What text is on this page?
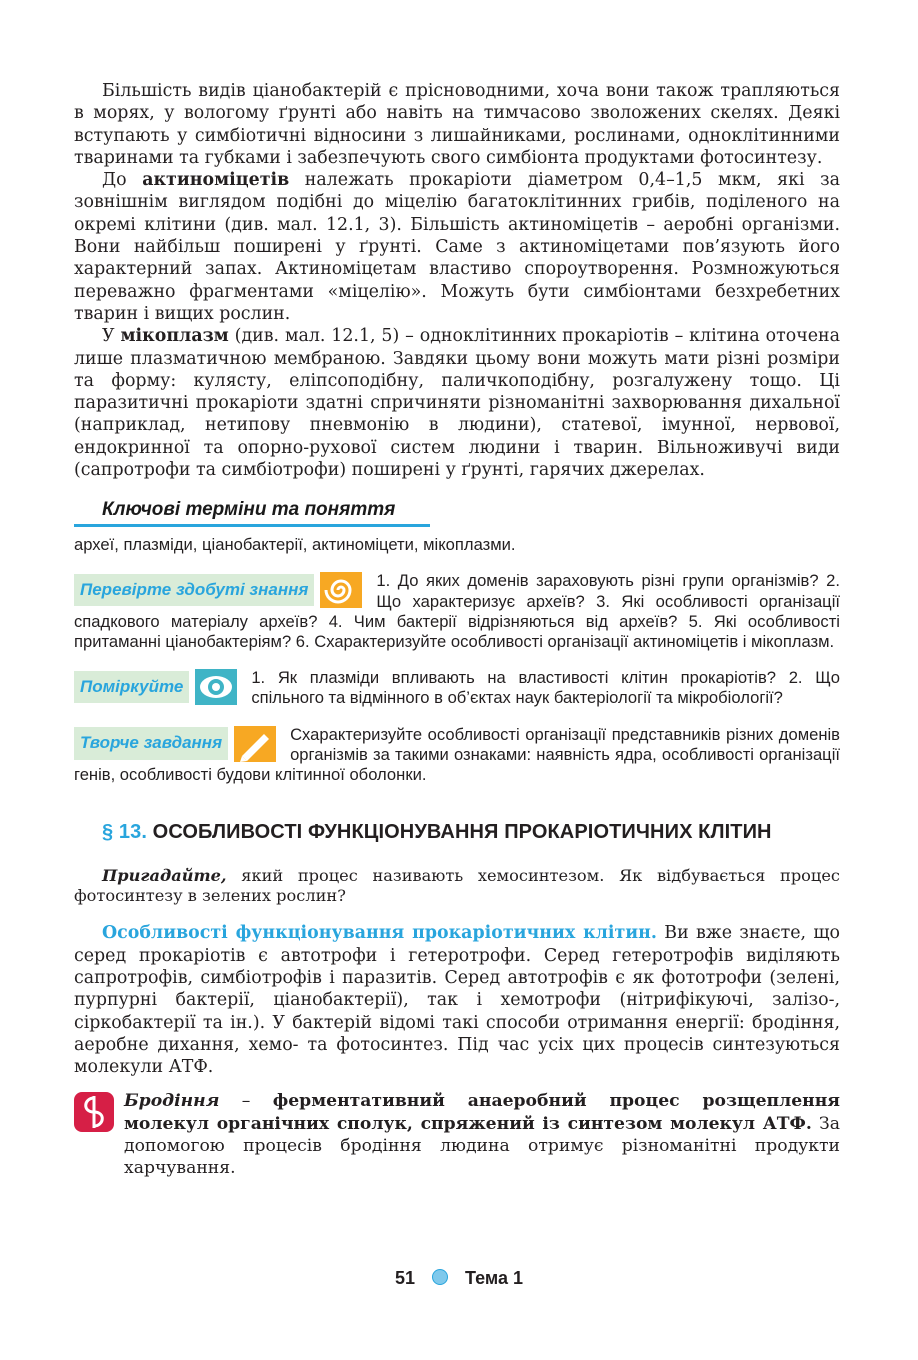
Більшість видів ціанобактерій є прісноводними, хоча вони також трапляються в морях, у вологому ґрунті або навіть на тимчасово зволожених скелях. Деякі вступають у симбіотичні відносини з лишайниками, рослинами, одноклітинними тваринами та губками і забезпечують свого симбіонта продуктами фотосинтезу.

До актиноміцетів належать прокаріоти діаметром 0,4–1,5 мкм, які за зовнішнім виглядом подібні до міцелію багатоклітинних грибів, поділеного на окремі клітини (див. мал. 12.1, 3). Більшість актиноміцетів – аеробні організми. Вони найбільш поширені у ґрунті. Саме з актиноміцетами пов’язують його характерний запах. Актиноміцетам властиво спороутворення. Розмножуються переважно фрагментами «міцелію». Можуть бути симбіонтами безхребетних тварин і вищих рослин.

У мікоплазм (див. мал. 12.1, 5) – одноклітинних прокаріотів – клітина оточена лише плазматичною мембраною. Завдяки цьому вони можуть мати різні розміри та форму: кулясту, еліпсоподібну, паличкоподібну, розгалужену тощо. Ці паразитичні прокаріоти здатні спричиняти різноманітні захворювання дихальної (наприклад, нетипову пневмонію в людини), статевої, імунної, нервової, ендокринної та опорно-рухової систем людини і тварин. Вільноживучі види (сапротрофи та симбіотрофи) поширені у ґрунті, гарячих джерелах.

Ключові терміни та поняття
археї, плазміди, ціанобактерії, актиноміцети, мікоплазми.
Перевірте здобуті знання	1. До яких доменів зараховують різні групи організмів? 2. Що характеризує археїв? 3. Які особливості організації спадкового матеріалу археїв? 4. Чим бактерії відрізняються від археїв? 5. Які особливості притаманні ціанобактеріям? 6. Схарактеризуйте особливості організації актиноміцетів і мікоплазм.
Поміркуйте	1. Як плазміди впливають на властивості клітин прокаріотів? 2. Що спільного та відмінного в об’єктах наук бактеріології та мікробіології?
Творче завдання	Схарактеризуйте особливості організації представників різних доменів організмів за такими ознаками: наявність ядра, особливості організації генів, особливості будови клітинної оболонки.
§ 13. ОСОБЛИВОСТІ ФУНКЦІОНУВАННЯ ПРОКАРІОТИЧНИХ КЛІТИН

Пригадайте, який процес називають хемосинтезом. Як відбувається процес фотосинтезу в зелених рослин?

Особливості функціонування прокаріотичних клітин. Ви вже знаєте, що серед прокаріотів є автотрофи і гетеротрофи. Серед гетеротрофів виділяють сапротрофів, симбіотрофів і паразитів. Серед автотрофів є як фототрофи (зелені, пурпурні бактерії, ціанобактерії), так і хемотрофи (нітрифікуючі, залізо-, сіркобактерії та ін.). У бактерій відомі такі способи отримання енергії: бродіння, аеробне дихання, хемо- та фотосинтез. Під час усіх цих процесів синтезуються молекули АТФ.

Бродіння – ферментативний анаеробний процес розщеплення молекул органічних сполук, спряжений із синтезом молекул АТФ. За допомогою процесів бродіння людина отримує різноманітні продукти харчування.
51	Тема 1
